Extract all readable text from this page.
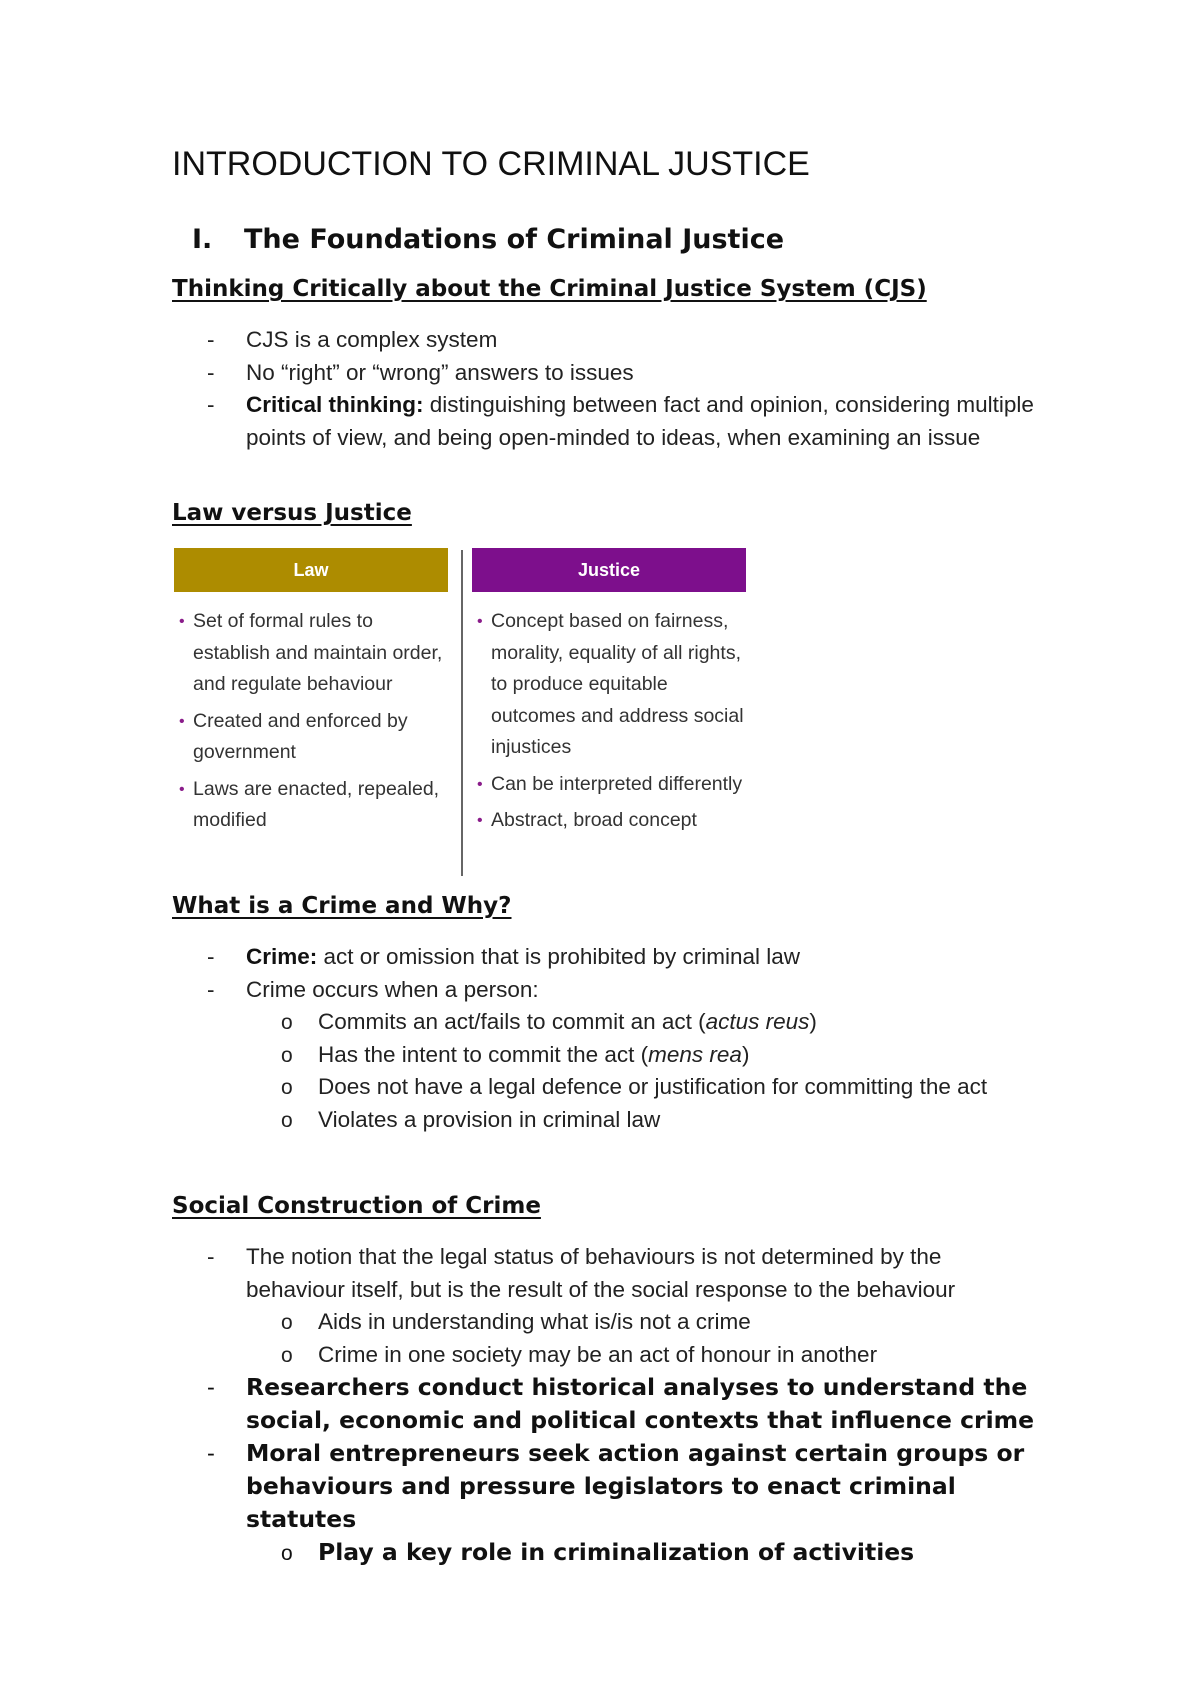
INTRODUCTION TO CRIMINAL JUSTICE
I. The Foundations of Criminal Justice
Thinking Critically about the Criminal Justice System (CJS)
- CJS is a complex system
- No “right” or “wrong” answers to issues
- Critical thinking: distinguishing between fact and opinion, considering multiple points of view, and being open-minded to ideas, when examining an issue
Law versus Justice
Law
• Set of formal rules to establish and maintain order, and regulate behaviour
• Created and enforced by government
• Laws are enacted, repealed, modified
Justice
• Concept based on fairness, morality, equality of all rights, to produce equitable outcomes and address social injustices
• Can be interpreted differently
• Abstract, broad concept
What is a Crime and Why?
- Crime: act or omission that is prohibited by criminal law
- Crime occurs when a person:
o Commits an act/fails to commit an act (actus reus)
o Has the intent to commit the act (mens rea)
o Does not have a legal defence or justification for committing the act
o Violates a provision in criminal law
Social Construction of Crime
- The notion that the legal status of behaviours is not determined by the behaviour itself, but is the result of the social response to the behaviour
o Aids in understanding what is/is not a crime
o Crime in one society may be an act of honour in another
- Researchers conduct historical analyses to understand the social, economic and political contexts that influence crime
- Moral entrepreneurs seek action against certain groups or behaviours and pressure legislators to enact criminal statutes
o Play a key role in criminalization of activities
